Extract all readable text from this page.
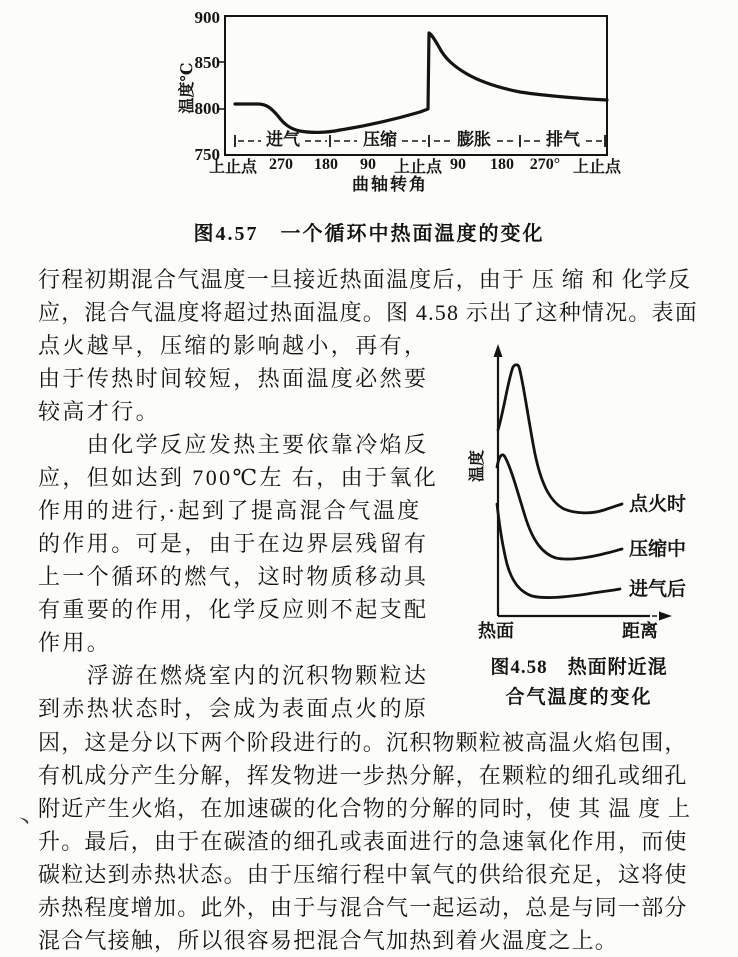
900
850
800
750
温度℃
进气	压缩	膨胀	排气
上止点 270 180 90 上止点 90 180 270° 上止点
曲轴转角
图4.57　一个循环中热面温度的变化
行程初期混合气温度一旦接近热面温度后，由于 压 缩 和 化学反
应，混合气温度将超过热面温度。图 4.58 示出了这种情况。表面
点火越早，压缩的影响越小，再有，
由于传热时间较短，热面温度必然要
较高才行。
　　由化学反应发热主要依靠冷焰反
应，但如达到 700℃左 右，由于氧化
作用的进行,·起到了提高混合气温度
的作用。可是，由于在边界层残留有
上一个循环的燃气，这时物质移动具
有重要的作用，化学反应则不起支配
作用。
　　浮游在燃烧室内的沉积物颗粒达
到赤热状态时，会成为表面点火的原
温度
点火时
压缩中
进气后
热面	距离
图4.58　热面附近混
合气温度的变化
因，这是分以下两个阶段进行的。沉积物颗粒被高温火焰包围，
有机成分产生分解，挥发物进一步热分解，在颗粒的细孔或细孔
附近产生火焰，在加速碳的化合物的分解的同时，使 其 温 度 上
升。最后，由于在碳渣的细孔或表面进行的急速氧化作用，而使
碳粒达到赤热状态。由于压缩行程中氧气的供给很充足，这将使
赤热程度增加。此外，由于与混合气一起运动，总是与同一部分
混合气接触，所以很容易把混合气加热到着火温度之上。
丶
